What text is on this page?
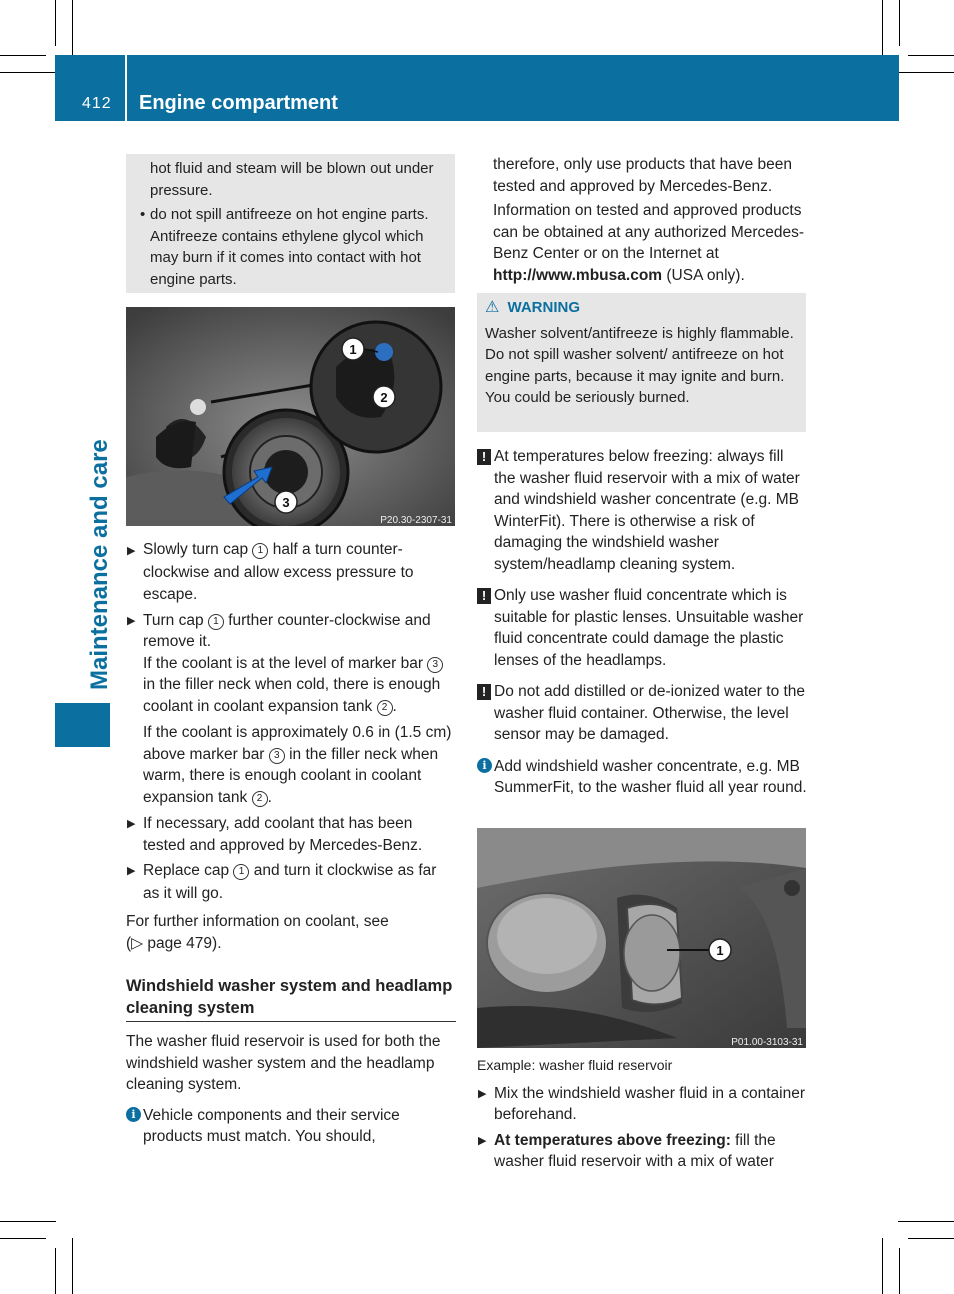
412 Engine compartment
Maintenance and care

hot fluid and steam will be blown out under pressure.

• do not spill antifreeze on hot engine parts. Antifreeze contains ethylene glycol which may burn if it comes into contact with hot engine parts.

1
2
3
P20.30-2307-31

▶ Slowly turn cap 1 half a turn counter-clockwise and allow excess pressure to escape.

▶ Turn cap 1 further counter-clockwise and remove it.
If the coolant is at the level of marker bar 3 in the filler neck when cold, there is enough coolant in coolant expansion tank 2 .

If the coolant is approximately 0.6 in (1.5 cm) above marker bar 3 in the filler neck when warm, there is enough coolant in coolant expansion tank 2 .

▶ If necessary, add coolant that has been tested and approved by Mercedes-Benz.

▶ Replace cap 1 and turn it clockwise as far as it will go.

For further information on coolant, see
(▷ page 479).

Windshield washer system and headlamp cleaning system

The washer fluid reservoir is used for both the windshield washer system and the headlamp cleaning system.

i Vehicle components and their service products must match. You should,

therefore, only use products that have been tested and approved by Mercedes-Benz.

Information on tested and approved products can be obtained at any authorized Mercedes-Benz Center or on the Internet at http://www.mbusa.com (USA only).

⚠ WARNING

Washer solvent/antifreeze is highly flammable. Do not spill washer solvent/ antifreeze on hot engine parts, because it may ignite and burn. You could be seriously burned.

! At temperatures below freezing: always fill the washer fluid reservoir with a mix of water and windshield washer concentrate (e.g. MB WinterFit). There is otherwise a risk of damaging the windshield washer system/headlamp cleaning system.

! Only use washer fluid concentrate which is suitable for plastic lenses. Unsuitable washer fluid concentrate could damage the plastic lenses of the headlamps.

! Do not add distilled or de-ionized water to the washer fluid container. Otherwise, the level sensor may be damaged.

i Add windshield washer concentrate, e.g. MB SummerFit, to the washer fluid all year round.

1
P01.00-3103-31

Example: washer fluid reservoir

▶ Mix the windshield washer fluid in a container beforehand.

▶ At temperatures above freezing: fill the washer fluid reservoir with a mix of water
